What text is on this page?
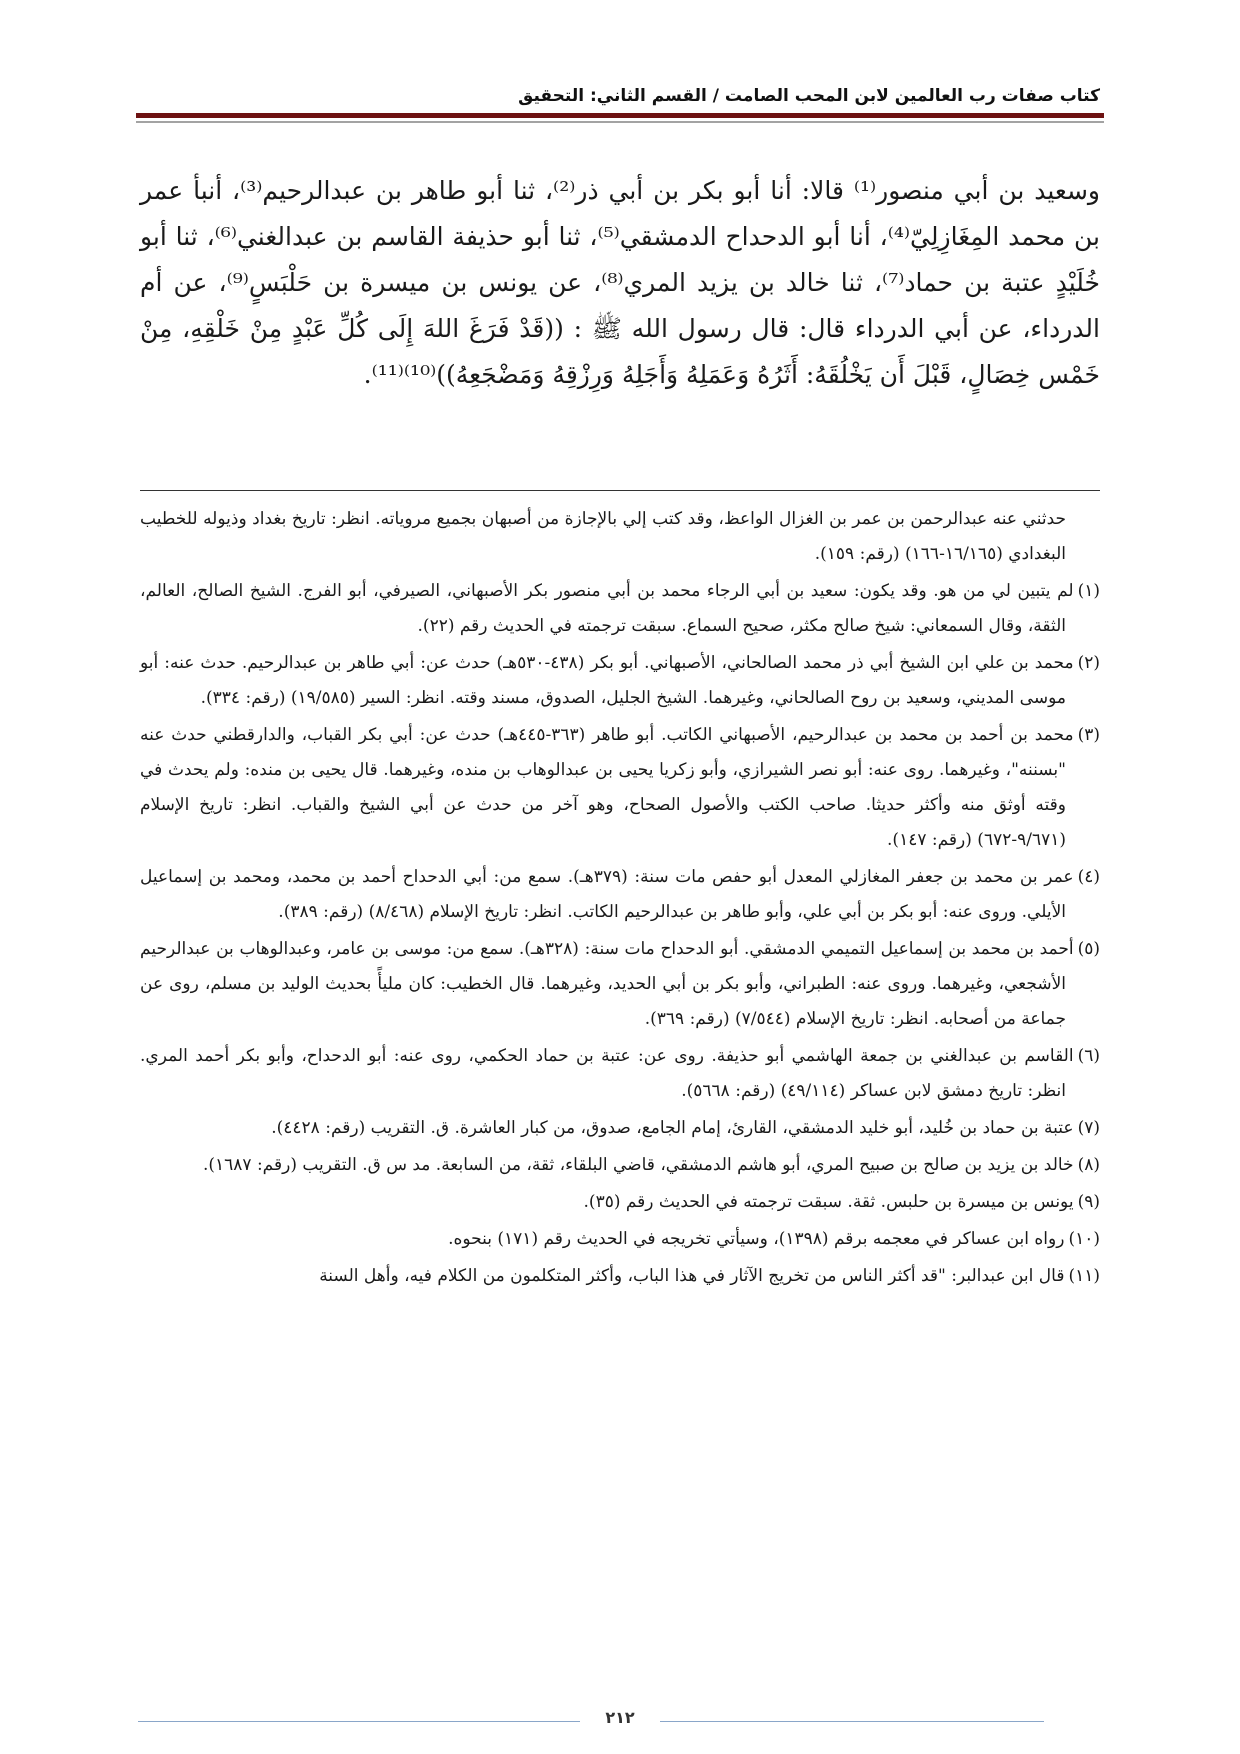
كتاب صفات رب العالمين لابن المحب الصامت / القسم الثاني: التحقيق

وسعيد بن أبي منصور⁽¹⁾ قالا: أنا أبو بكر بن أبي ذر⁽²⁾، ثنا أبو طاهر بن عبدالرحيم⁽³⁾، أنبأ عمر بن محمد المِغَازِلِيّ⁽⁴⁾، أنا أبو الدحداح الدمشقي⁽⁵⁾، ثنا أبو حذيفة القاسم بن عبدالغني⁽⁶⁾، ثنا أبو خُلَيْدٍ عتبة بن حماد⁽⁷⁾، ثنا خالد بن يزيد المري⁽⁸⁾، عن يونس بن ميسرة بن حَلْبَسٍ⁽⁹⁾، عن أم الدرداء، عن أبي الدرداء قال: قال رسول الله ﷺ : ((قَدْ فَرَغَ اللهَ إِلَى كُلِّ عَبْدٍ مِنْ خَلْقِهِ، مِنْ خَمْس خِصَالٍ، قَبْلَ أَن يَخْلُقَهُ: أَثَرُهُ وَعَمَلِهُ وَأَجَلِهُ وَرِزْقِهُ وَمَضْجَعِهُ))⁽¹⁰⁾⁽¹¹⁾.

حدثني عنه عبدالرحمن بن عمر بن الغزال الواعظ، وقد كتب إلي بالإجازة من أصبهان بجميع مروياته. انظر: تاريخ بغداد وذيوله للخطيب البغدادي (١٦/١٦٥-١٦٦) (رقم: ١٥٩).

(١)لم يتبين لي من هو. وقد يكون: سعيد بن أبي الرجاء محمد بن أبي منصور بكر الأصبهاني، الصيرفي، أبو الفرج. الشيخ الصالح، العالم، الثقة، وقال السمعاني: شيخ صالح مكثر، صحيح السماع. سبقت ترجمته في الحديث رقم (٢٢).

(٢)محمد بن علي ابن الشيخ أبي ذر محمد الصالحاني، الأصبهاني. أبو بكر (٤٣٨-٥٣٠هـ) حدث عن: أبي طاهر بن عبدالرحيم. حدث عنه: أبو موسى المديني، وسعيد بن روح الصالحاني، وغيرهما. الشيخ الجليل، الصدوق، مسند وقته. انظر: السير (١٩/٥٨٥) (رقم: ٣٣٤).

(٣)محمد بن أحمد بن محمد بن عبدالرحيم، الأصبهاني الكاتب. أبو طاهر (٣٦٣-٤٤٥هـ) حدث عن: أبي بكر القباب، والدارقطني حدث عنه "بسننه"، وغيرهما. روى عنه: أبو نصر الشيرازي، وأبو زكريا يحيى بن عبدالوهاب بن منده، وغيرهما. قال يحيى بن منده: ولم يحدث في وقته أوثق منه وأكثر حديثا. صاحب الكتب والأصول الصحاح، وهو آخر من حدث عن أبي الشيخ والقباب. انظر: تاريخ الإسلام (٩/٦٧١-٦٧٢) (رقم: ١٤٧).

(٤)عمر بن محمد بن جعفر المغازلي المعدل أبو حفص مات سنة: (٣٧٩هـ). سمع من: أبي الدحداح أحمد بن محمد، ومحمد بن إسماعيل الأيلي. وروى عنه: أبو بكر بن أبي علي، وأبو طاهر بن عبدالرحيم الكاتب. انظر: تاريخ الإسلام (٨/٤٦٨) (رقم: ٣٨٩).

(٥)أحمد بن محمد بن إسماعيل التميمي الدمشقي. أبو الدحداح مات سنة: (٣٢٨هـ). سمع من: موسى بن عامر، وعبدالوهاب بن عبدالرحيم الأشجعي، وغيرهما. وروى عنه: الطبراني، وأبو بكر بن أبي الحديد، وغيرهما. قال الخطيب: كان مليأً بحديث الوليد بن مسلم، روى عن جماعة من أصحابه. انظر: تاريخ الإسلام (٧/٥٤٤) (رقم: ٣٦٩).

(٦)القاسم بن عبدالغني بن جمعة الهاشمي أبو حذيفة. روى عن: عتبة بن حماد الحكمي، روى عنه: أبو الدحداح، وأبو بكر أحمد المري. انظر: تاريخ دمشق لابن عساكر (٤٩/١١٤) (رقم: ٥٦٦٨).

(٧)عتبة بن حماد بن خُليد، أبو خليد الدمشقي، القارئ، إمام الجامع، صدوق، من كبار العاشرة. ق. التقريب (رقم: ٤٤٢٨).

(٨)خالد بن يزيد بن صالح بن صبيح المري، أبو هاشم الدمشقي، قاضي البلقاء، ثقة، من السابعة. مد س ق. التقريب (رقم: ١٦٨٧).

(٩)يونس بن ميسرة بن حلبس. ثقة. سبقت ترجمته في الحديث رقم (٣٥).

(١٠)رواه ابن عساكر في معجمه برقم (١٣٩٨)، وسيأتي تخريجه في الحديث رقم (١٧١) بنحوه.

(١١)قال ابن عبدالبر: "قد أكثر الناس من تخريج الآثار في هذا الباب، وأكثر المتكلمون من الكلام فيه، وأهل السنة

٢١٢
